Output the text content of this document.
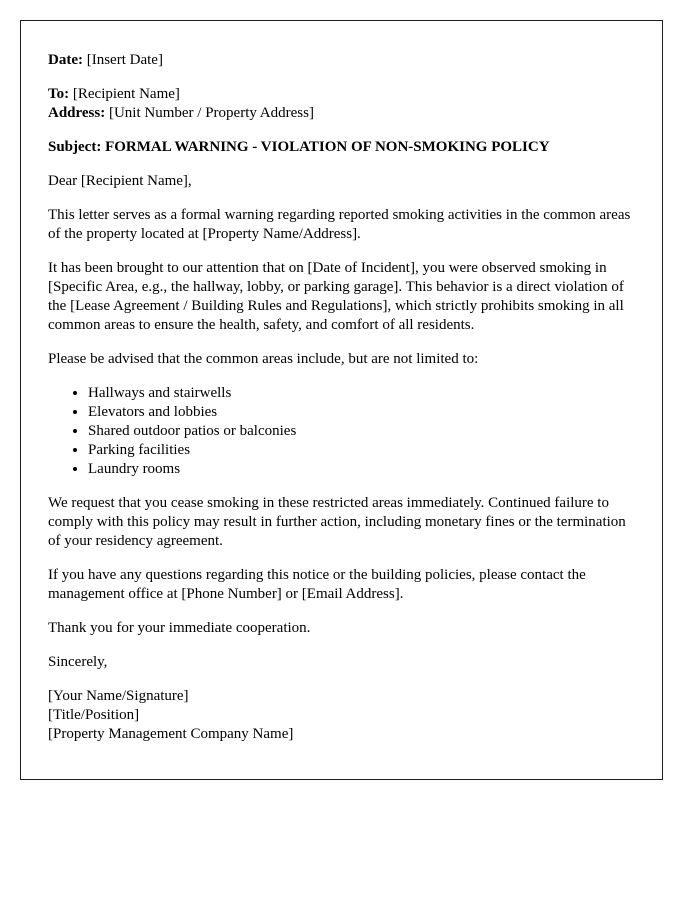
Date: [Insert Date]

To: [Recipient Name]
Address: [Unit Number / Property Address]

Subject: FORMAL WARNING - VIOLATION OF NON-SMOKING POLICY

Dear [Recipient Name],

This letter serves as a formal warning regarding reported smoking activities in the common areas of the property located at [Property Name/Address].

It has been brought to our attention that on [Date of Incident], you were observed smoking in [Specific Area, e.g., the hallway, lobby, or parking garage]. This behavior is a direct violation of the [Lease Agreement / Building Rules and Regulations], which strictly prohibits smoking in all common areas to ensure the health, safety, and comfort of all residents.

Please be advised that the common areas include, but are not limited to:

• Hallways and stairwells
• Elevators and lobbies
• Shared outdoor patios or balconies
• Parking facilities
• Laundry rooms

We request that you cease smoking in these restricted areas immediately. Continued failure to comply with this policy may result in further action, including monetary fines or the termination of your residency agreement.

If you have any questions regarding this notice or the building policies, please contact the management office at [Phone Number] or [Email Address].

Thank you for your immediate cooperation.

Sincerely,

[Your Name/Signature]
[Title/Position]
[Property Management Company Name]
